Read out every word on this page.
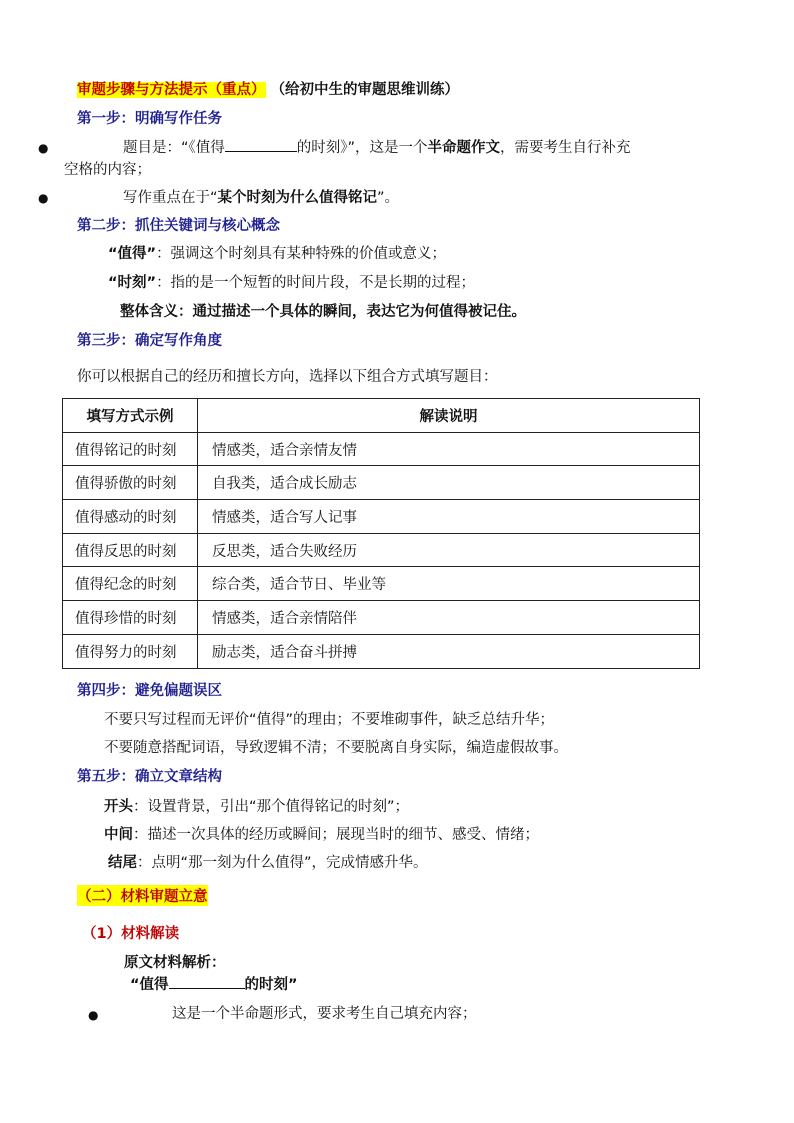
审题步骤与方法提示（重点） （给初中生的审题思维训练）
第一步：明确写作任务
●	题目是：“《值得	的时刻》”，这是一个半命题作文，需要考生自行补充
空格的内容；
●	写作重点在于“某个时刻为什么值得铭记”。
第二步：抓住关键词与核心概念
“值得”：强调这个时刻具有某种特殊的价值或意义；
“时刻”：指的是一个短暂的时间片段，不是长期的过程；
整体含义：通过描述一个具体的瞬间，表达它为何值得被记住。
第三步：确定写作角度
你可以根据自己的经历和擅长方向，选择以下组合方式填写题目：
填写方式示例	解读说明
值得铭记的时刻	情感类，适合亲情友情
值得骄傲的时刻	自我类，适合成长励志
值得感动的时刻	情感类，适合写人记事
值得反思的时刻	反思类，适合失败经历
值得纪念的时刻	综合类，适合节日、毕业等
值得珍惜的时刻	情感类，适合亲情陪伴
值得努力的时刻	励志类，适合奋斗拼搏
第四步：避免偏题误区
不要只写过程而无评价“值得”的理由；不要堆砌事件，缺乏总结升华；
不要随意搭配词语，导致逻辑不清；不要脱离自身实际，编造虚假故事。
第五步：确立文章结构
开头：设置背景，引出“那个值得铭记的时刻”；
中间：描述一次具体的经历或瞬间；展现当时的细节、感受、情绪；
结尾：点明“那一刻为什么值得”，完成情感升华。
（二）材料审题立意
（1）材料解读
原文材料解析：
“值得	的时刻”
●	这是一个半命题形式，要求考生自己填充内容；
